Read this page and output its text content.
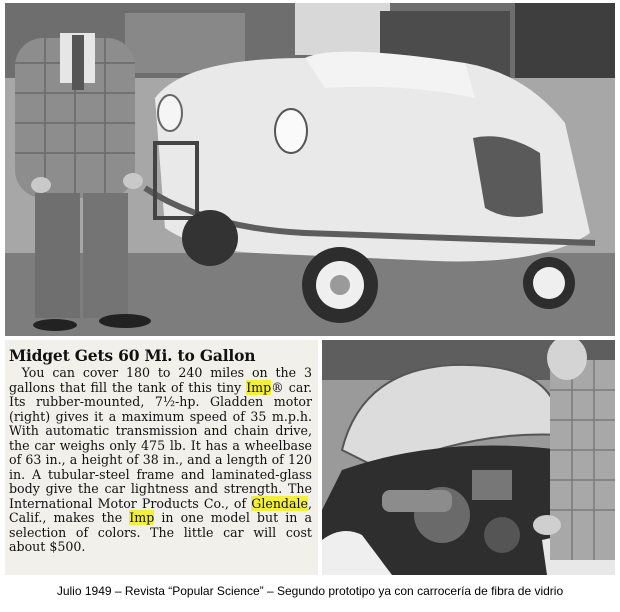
Midget Gets 60 Mi. to Gallon

 You can cover 180 to 240 miles on the 3 gallons that fill the tank of this tiny Imp® car. Its rubber-mounted, 7½-hp. Gladden motor (right) gives it a maximum speed of 35 m.p.h. With automatic transmission and chain drive, the car weighs only 475 lb. It has a wheelbase of 63 in., a height of 38 in., and a length of 120 in. A tubular-steel frame and laminated-glass body give the car lightness and strength. The International Motor Products Co., of Glendale, Calif., makes the Imp in one model but in a selection of colors. The little car will cost about $500.

Julio 1949 – Revista “Popular Science” – Segundo prototipo ya con carrocería de fibra de vidrio
